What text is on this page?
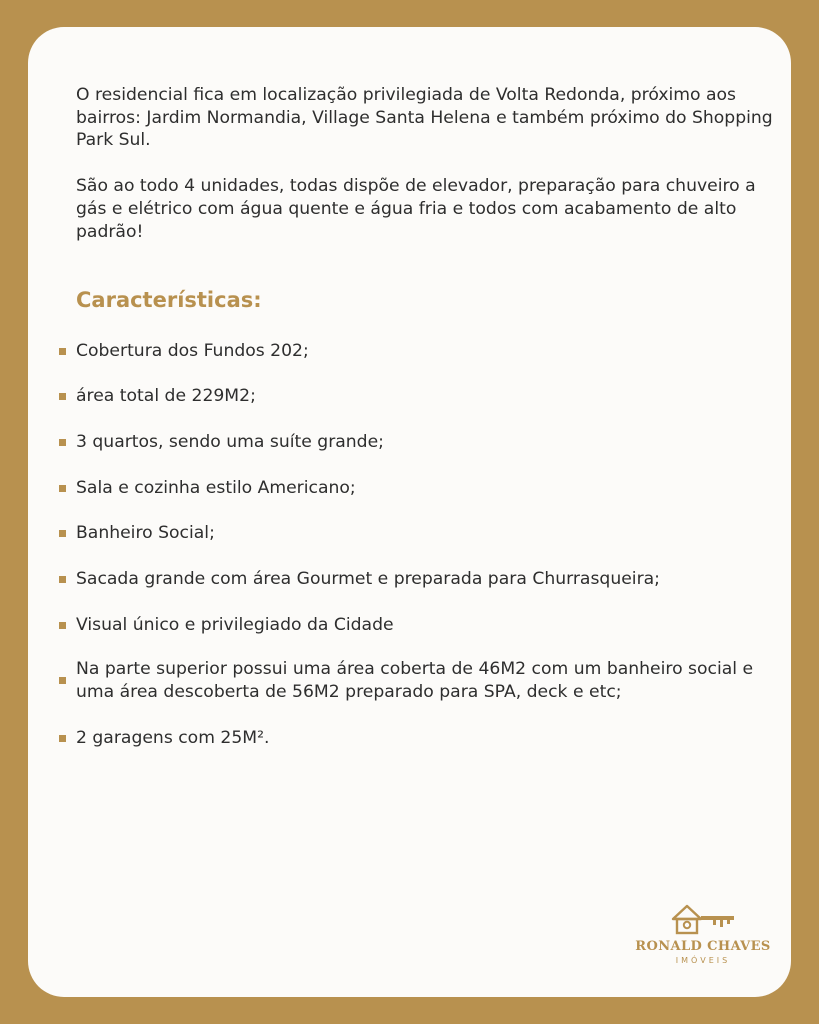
O residencial fica em localização privilegiada de Volta Redonda, próximo aos bairros: Jardim Normandia, Village Santa Helena e também próximo do Shopping Park Sul.

São ao todo 4 unidades, todas dispõe de elevador, preparação para chuveiro a gás e elétrico com água quente e água fria e todos com acabamento de alto padrão!

Características:
Cobertura dos Fundos 202;
área total de 229M2;
3 quartos, sendo uma suíte grande;
Sala e cozinha estilo Americano;
Banheiro Social;
Sacada grande com área Gourmet e preparada para Churrasqueira;
Visual único e privilegiado da Cidade
Na parte superior possui uma área coberta de 46M2 com um banheiro social e uma área descoberta de 56M2 preparado para SPA, deck e etc;
2 garagens com 25M².
RONALD CHAVES
IMÓVEIS
